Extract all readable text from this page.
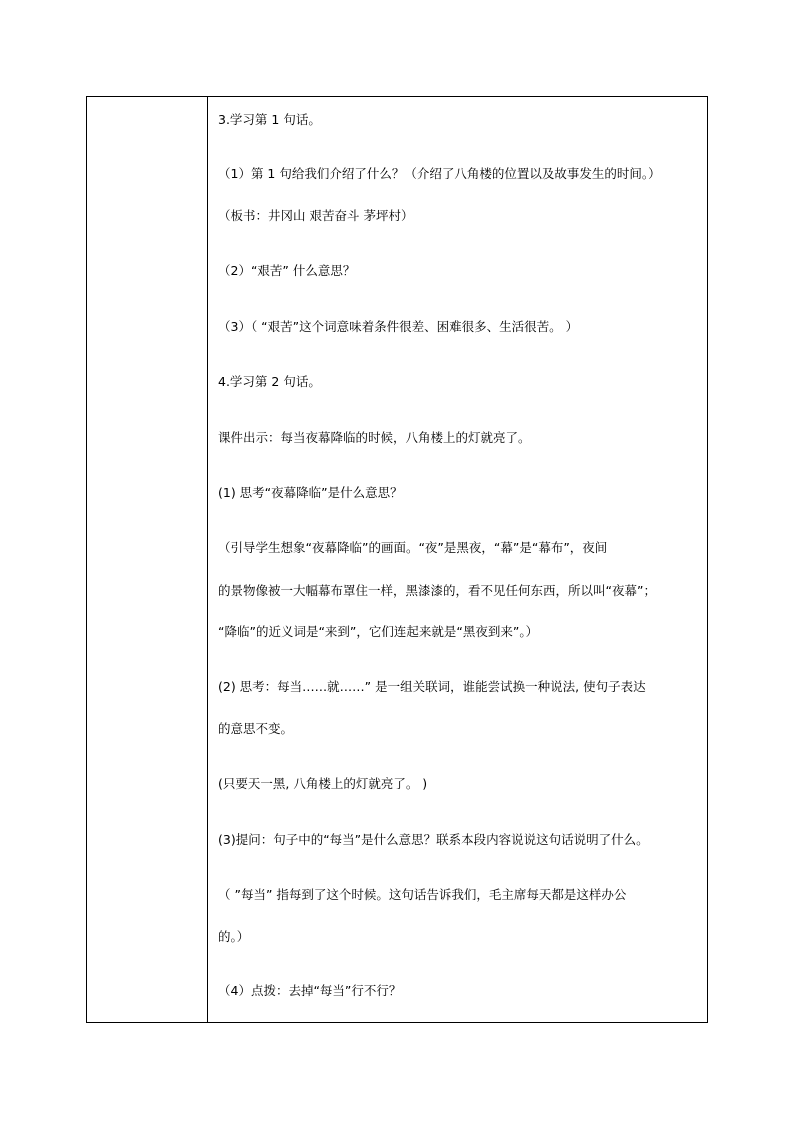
3.学习第 1 句话。
（1）第 1 句给我们介绍了什么？（介绍了八角楼的位置以及故事发生的时间。）
（板书：井冈山 艰苦奋斗 茅坪村）
（2）“艰苦” 什么意思？
（3）（ “艰苦”这个词意味着条件很差、困难很多、生活很苦。 ）
4.学习第 2 句话。
课件出示：每当夜幕降临的时候，八角楼上的灯就亮了。
(1) 思考“夜幕降临”是什么意思？
（引导学生想象“夜幕降临”的画面。“夜”是黑夜，“幕”是“幕布”，夜间
的景物像被一大幅幕布罩住一样，黑漆漆的，看不见任何东西，所以叫“夜幕”；
“降临”的近义词是“来到”，它们连起来就是“黑夜到来”。）
(2) 思考：每当……就……” 是一组关联词，谁能尝试换一种说法, 使句子表达
的意思不变。
(只要天一黑, 八角楼上的灯就亮了。 )
(3)提问：句子中的“每当”是什么意思？联系本段内容说说这句话说明了什么。
（ ”每当” 指每到了这个时候。这句话告诉我们，毛主席每天都是这样办公
的。）
（4）点拨：去掉“每当”行不行？
